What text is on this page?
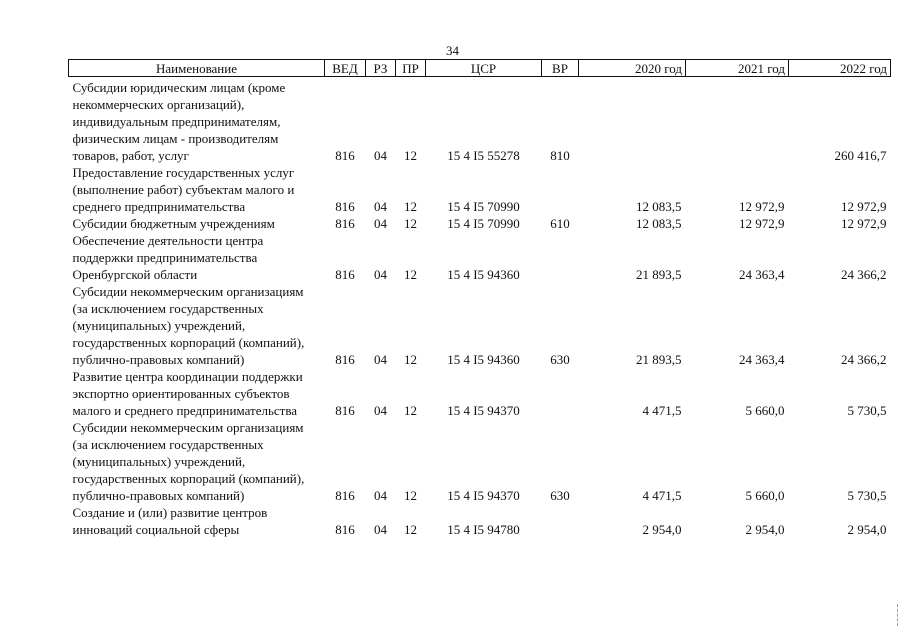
34
Наименование	ВЕД	РЗ	ПР	ЦСР	ВР	2020 год	2021 год	2022 год
Субсидии юридическим лицам (кроме некоммерческих организаций), индивидуальным предпринимателям, физическим лицам - производителям товаров, работ, услуг	816	04	12	15 4 I5 55278	810			260 416,7
Предоставление государственных услуг (выполнение работ) субъектам малого и среднего предпринимательства	816	04	12	15 4 I5 70990		12 083,5	12 972,9	12 972,9
Субсидии бюджетным учреждениям	816	04	12	15 4 I5 70990	610	12 083,5	12 972,9	12 972,9
Обеспечение деятельности центра поддержки предпринимательства Оренбургской области	816	04	12	15 4 I5 94360		21 893,5	24 363,4	24 366,2
Субсидии некоммерческим организациям (за исключением государственных (муниципальных) учреждений, государственных корпораций (компаний), публично-правовых компаний)	816	04	12	15 4 I5 94360	630	21 893,5	24 363,4	24 366,2
Развитие центра координации поддержки экспортно ориентированных субъектов малого и среднего предпринимательства	816	04	12	15 4 I5 94370		4 471,5	5 660,0	5 730,5
Субсидии некоммерческим организациям (за исключением государственных (муниципальных) учреждений, государственных корпораций (компаний), публично-правовых компаний)	816	04	12	15 4 I5 94370	630	4 471,5	5 660,0	5 730,5
Создание и (или) развитие центров инноваций социальной сферы	816	04	12	15 4 I5 94780		2 954,0	2 954,0	2 954,0
